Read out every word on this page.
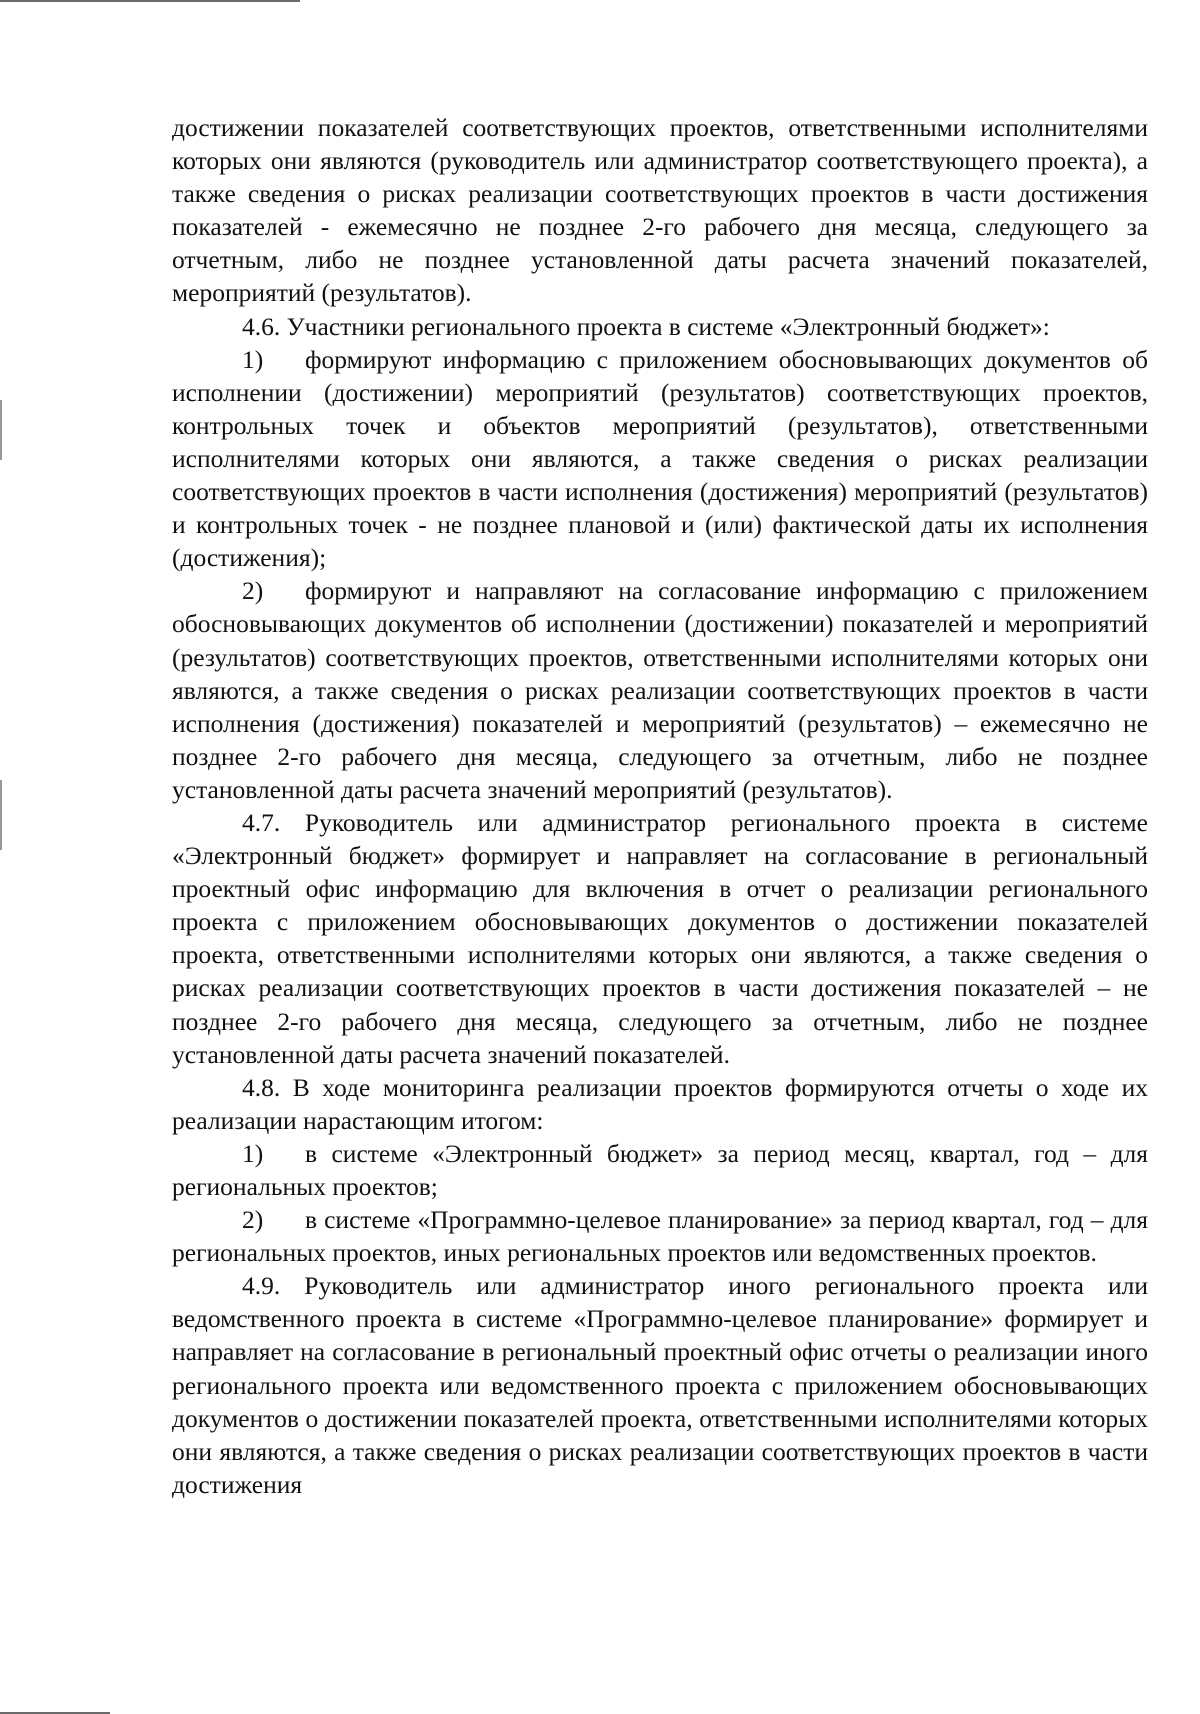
достижении показателей соответствующих проектов, ответственными исполнителями которых они являются (руководитель или администратор соответствующего проекта), а также сведения о рисках реализации соответствующих проектов в части достижения показателей - ежемесячно не позднее 2-го рабочего дня месяца, следующего за отчетным, либо не позднее установленной даты расчета значений показателей, мероприятий (результатов).

4.6. Участники регионального проекта в системе «Электронный бюджет»:

1) формируют информацию с приложением обосновывающих документов об исполнении (достижении) мероприятий (результатов) соответствующих проектов, контрольных точек и объектов мероприятий (результатов), ответственными исполнителями которых они являются, а также сведения о рисках реализации соответствующих проектов в части исполнения (достижения) мероприятий (результатов) и контрольных точек - не позднее плановой и (или) фактической даты их исполнения (достижения);

2) формируют и направляют на согласование информацию с приложением обосновывающих документов об исполнении (достижении) показателей и мероприятий (результатов) соответствующих проектов, ответственными исполнителями которых они являются, а также сведения о рисках реализации соответствующих проектов в части исполнения (достижения) показателей и мероприятий (результатов) – ежемесячно не позднее 2-го рабочего дня месяца, следующего за отчетным, либо не позднее установленной даты расчета значений мероприятий (результатов).

4.7. Руководитель или администратор регионального проекта в системе «Электронный бюджет» формирует и направляет на согласование в региональный проектный офис информацию для включения в отчет о реализации регионального проекта с приложением обосновывающих документов о достижении показателей проекта, ответственными исполнителями которых они являются, а также сведения о рисках реализации соответствующих проектов в части достижения показателей – не позднее 2-го рабочего дня месяца, следующего за отчетным, либо не позднее установленной даты расчета значений показателей.

4.8. В ходе мониторинга реализации проектов формируются отчеты о ходе их реализации нарастающим итогом:

1) в системе «Электронный бюджет» за период месяц, квартал, год – для региональных проектов;

2) в системе «Программно-целевое планирование» за период квартал, год – для региональных проектов, иных региональных проектов или ведомственных проектов.

4.9. Руководитель или администратор иного регионального проекта или ведомственного проекта в системе «Программно-целевое планирование» формирует и направляет на согласование в региональный проектный офис отчеты о реализации иного регионального проекта или ведомственного проекта с приложением обосновывающих документов о достижении показателей проекта, ответственными исполнителями которых они являются, а также сведения о рисках реализации соответствующих проектов в части достижения
